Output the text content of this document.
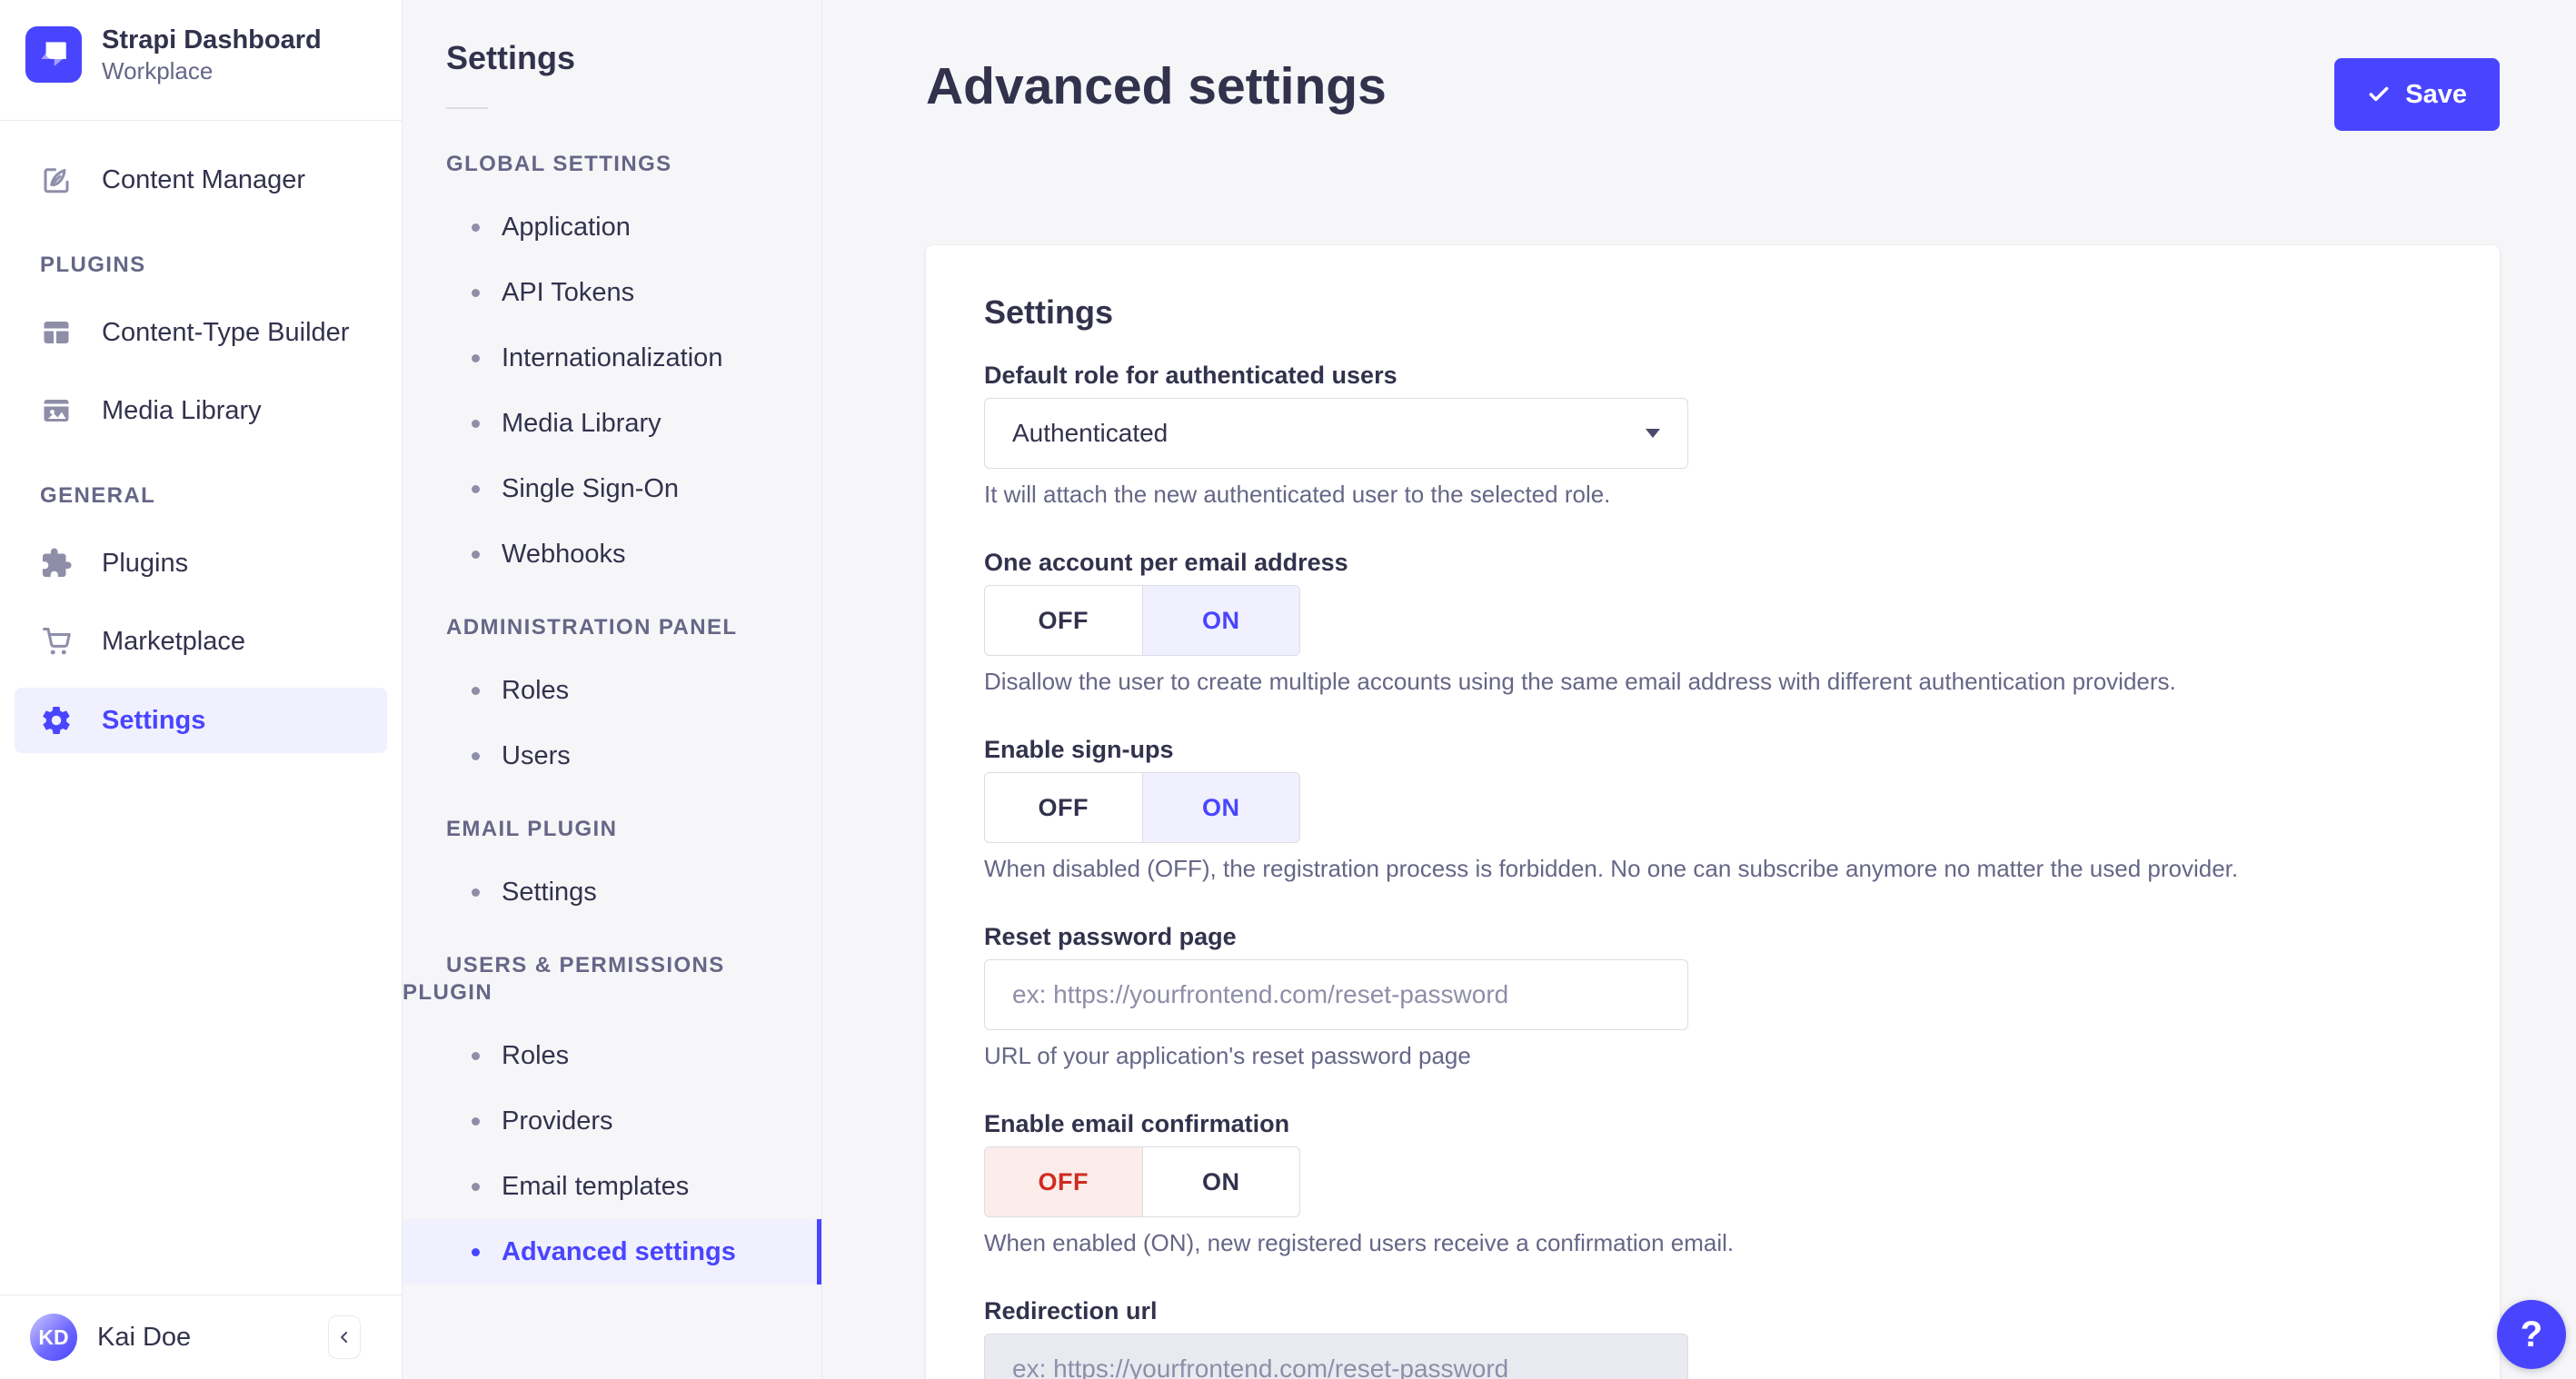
Strapi Dashboard
Workplace
Content Manager
PLUGINS
Content-Type Builder
Media Library
GENERAL
Plugins
Marketplace
Settings
KD	Kai Doe
Settings
GLOBAL SETTINGS
Application
API Tokens
Internationalization
Media Library
Single Sign-On
Webhooks
ADMINISTRATION PANEL
Roles
Users
EMAIL PLUGIN
Settings
USERS & PERMISSIONS PLUGIN
Roles
Providers
Email templates
Advanced settings
Advanced settings	Save
Settings
Default role for authenticated users
Authenticated

It will attach the new authenticated user to the selected role.

One account per email address
OFF	ON

Disallow the user to create multiple accounts using the same email address with different authentication providers.

Enable sign-ups
OFF	ON

When disabled (OFF), the registration process is forbidden. No one can subscribe anymore no matter the used provider.

Reset password page
ex: https://yourfrontend.com/reset-password

URL of your application's reset password page

Enable email confirmation
OFF	ON

When enabled (ON), new registered users receive a confirmation email.

Redirection url
ex: https://yourfrontend.com/reset-password
?
